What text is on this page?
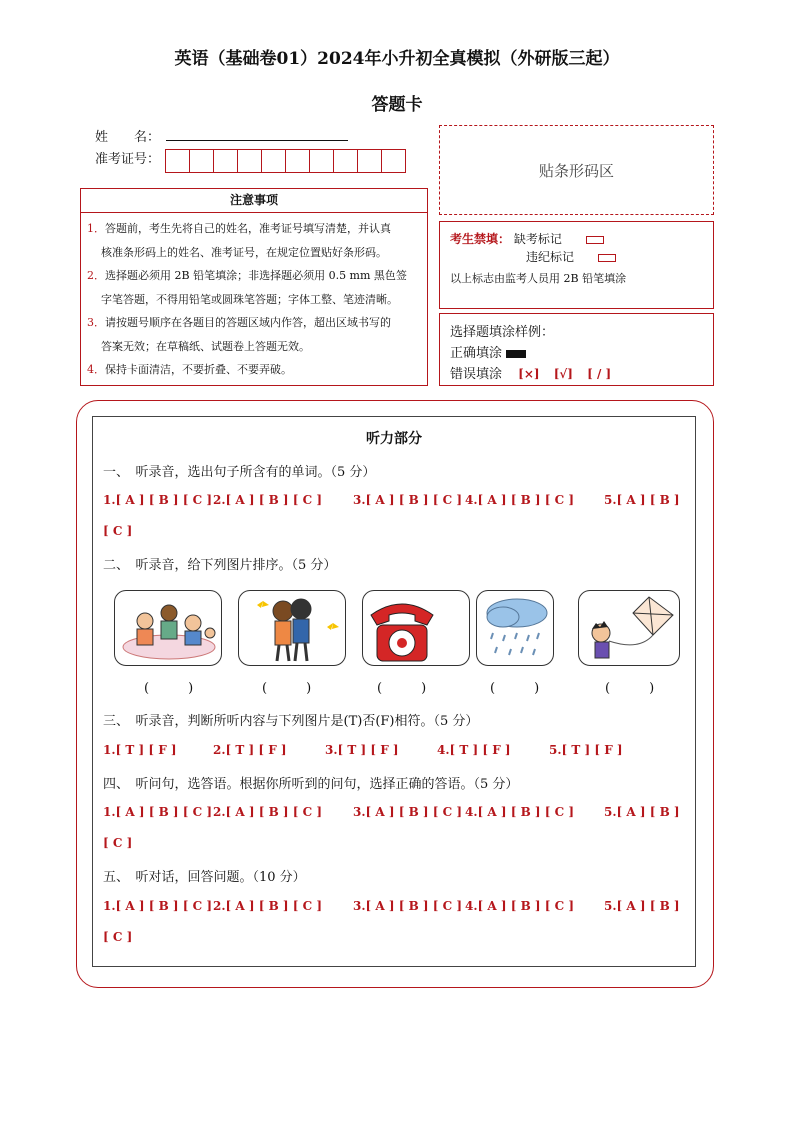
英语（基础卷01）2024年小升初全真模拟（外研版三起）
答题卡
姓　　名：
准考证号：
贴条形码区
注意事项
1．答题前，考生先将自己的姓名，准考证号填写清楚，并认真
核准条形码上的姓名、准考证号，在规定位置贴好条形码。
2．选择题必须用 2B 铅笔填涂；非选择题必须用 0.5 mm 黑色签
字笔答题，不得用铅笔或圆珠笔答题；字体工整、笔迹清晰。
3．请按题号顺序在各题目的答题区域内作答，超出区域书写的
答案无效；在草稿纸、试题卷上答题无效。
4．保持卡面清洁，不要折叠、不要弄破。
考生禁填： 缺考标记
违纪标记
以上标志由监考人员用 2B 铅笔填涂
选择题填涂样例：
正确填涂
错误填涂 [×] [√] [ / ]
听力部分
一、　听录音，选出句子所含有的单词。（5 分）
1.[ A ] [ B ] [ C ] 2.[ A ] [ B ] [ C ]	3.[ A ] [ B ] [ C ] 4.[ A ] [ B ] [ C ] 5.[ A ] [ B ]
[ C ]
二、　听录音，给下列图片排序。（5 分）
(　　　)	(　　　)	(　　　)	(　　　)	(　　　)
三、　听录音，判断所听内容与下列图片是(T)否(F)相符。（5 分）
1.[ T ] [ F ]	2.[ T ] [ F ]	3.[ T ] [ F ]	4.[ T ] [ F ]	5.[ T ] [ F ]
四、　听问句，选答语。根据你所听到的问句，选择正确的答语。（5 分）
1.[ A ] [ B ] [ C ] 2.[ A ] [ B ] [ C ]	3.[ A ] [ B ] [ C ] 4.[ A ] [ B ] [ C ] 5.[ A ] [ B ]
[ C ]
五、　听对话，回答问题。（10 分）
1.[ A ] [ B ] [ C ] 2.[ A ] [ B ] [ C ]	3.[ A ] [ B ] [ C ] 4.[ A ] [ B ] [ C ] 5.[ A ] [ B ]
[ C ]
